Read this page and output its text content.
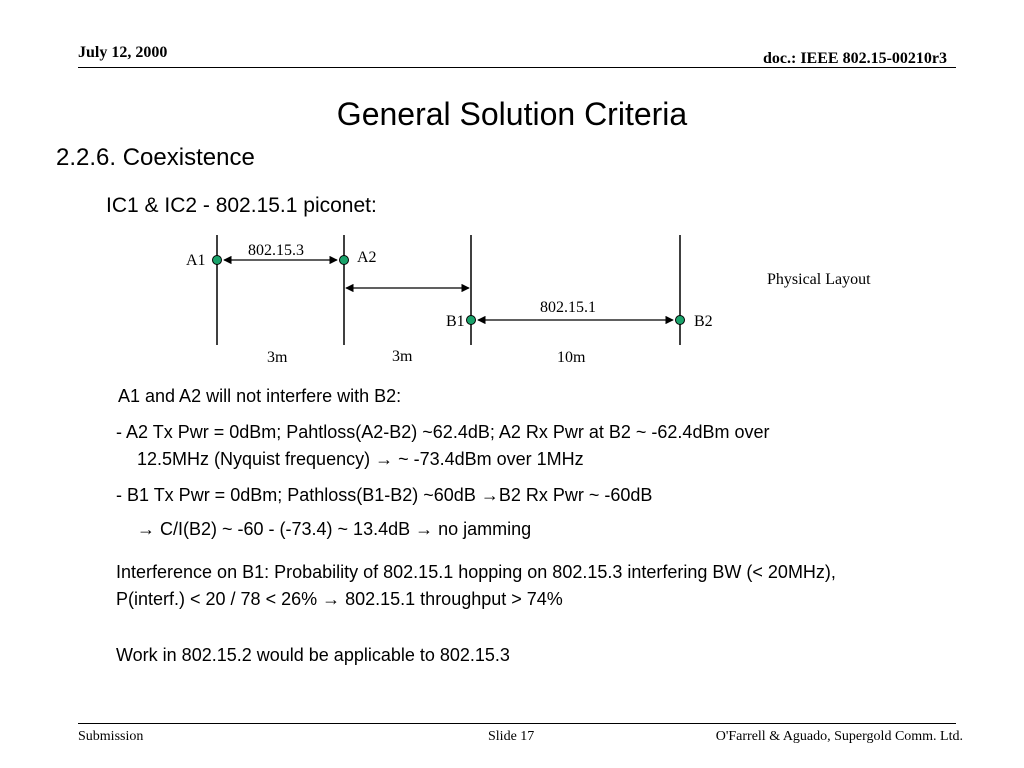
July 12, 2000	doc.: IEEE 802.15-00210r3
General Solution Criteria
2.2.6. Coexistence
IC1 & IC2 - 802.15.1 piconet:
A1	A2
802.15.3
B1	B2
802.15.1
Physical Layout
3m	3m	10m
A1 and A2 will not interfere with B2:
- A2 Tx Pwr = 0dBm; Pahtloss(A2-B2) ~62.4dB; A2 Rx Pwr at B2 ~ -62.4dBm over
12.5MHz (Nyquist frequency) → ~ -73.4dBm over 1MHz
- B1 Tx Pwr = 0dBm; Pathloss(B1-B2) ~60dB →B2 Rx Pwr ~ -60dB
→ C/I(B2) ~ -60 - (-73.4) ~ 13.4dB → no jamming
Interference on B1: Probability of 802.15.1 hopping on 802.15.3 interfering BW (< 20MHz),
P(interf.) < 20 / 78 < 26% → 802.15.1 throughput > 74%
Work in 802.15.2 would be applicable to 802.15.3
Submission	Slide 17	O'Farrell & Aguado, Supergold Comm. Ltd.
